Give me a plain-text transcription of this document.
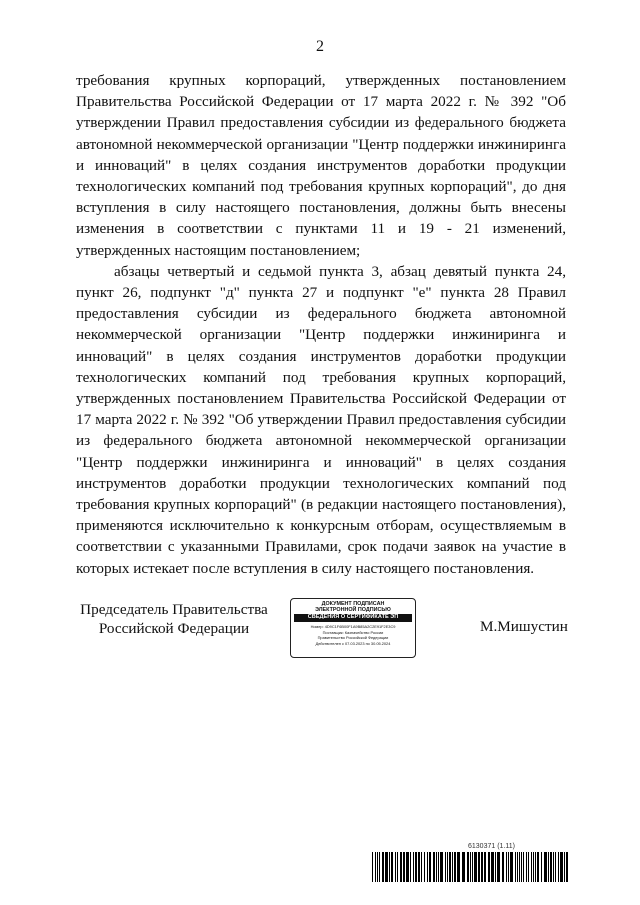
2

требования крупных корпораций, утвержденных постановлением Правительства Российской Федерации от 17 марта 2022 г. № 392 "Об утверждении Правил предоставления субсидии из федерального бюджета автономной некоммерческой организации "Центр поддержки инжиниринга и инноваций" в целях создания инструментов доработки продукции технологических компаний под требования крупных корпораций", до дня вступления в силу настоящего постановления, должны быть внесены изменения в соответствии с пунктами 11 и 19 - 21 изменений, утвержденных настоящим постановлением;

абзацы четвертый и седьмой пункта 3, абзац девятый пункта 24, пункт 26, подпункт "д" пункта 27 и подпункт "е" пункта 28 Правил предоставления субсидии из федерального бюджета автономной некоммерческой организации "Центр поддержки инжиниринга и инноваций" в целях создания инструментов доработки продукции технологических компаний под требования крупных корпораций, утвержденных постановлением Правительства Российской Федерации от 17 марта 2022 г. № 392 "Об утверждении Правил предоставления субсидии из федерального бюджета автономной некоммерческой организации "Центр поддержки инжиниринга и инноваций" в целях создания инструментов доработки продукции технологических компаний под требования крупных корпораций" (в редакции настоящего постановления), применяются исключительно к конкурсным отборам, осуществляемым в соответствии с указанными Правилами, срок подачи заявок на участие в которых истекает после вступления в силу настоящего постановления.

Председатель Правительства
Российской Федерации
ДОКУМЕНТ ПОДПИСАН
ЭЛЕКТРОННОЙ ПОДПИСЬЮ
СВЕДЕНИЯ О СЕРТИФИКАТЕ ЭП
Номер: 4D9C1F6B00F1A9B85A2C2E91F2E3C9
Поставщик: Казначейство России
Правительство Российской Федерации
Действителен с 07.03.2023 по 30.05.2024
М.Мишустин
6130371 (1.11)
